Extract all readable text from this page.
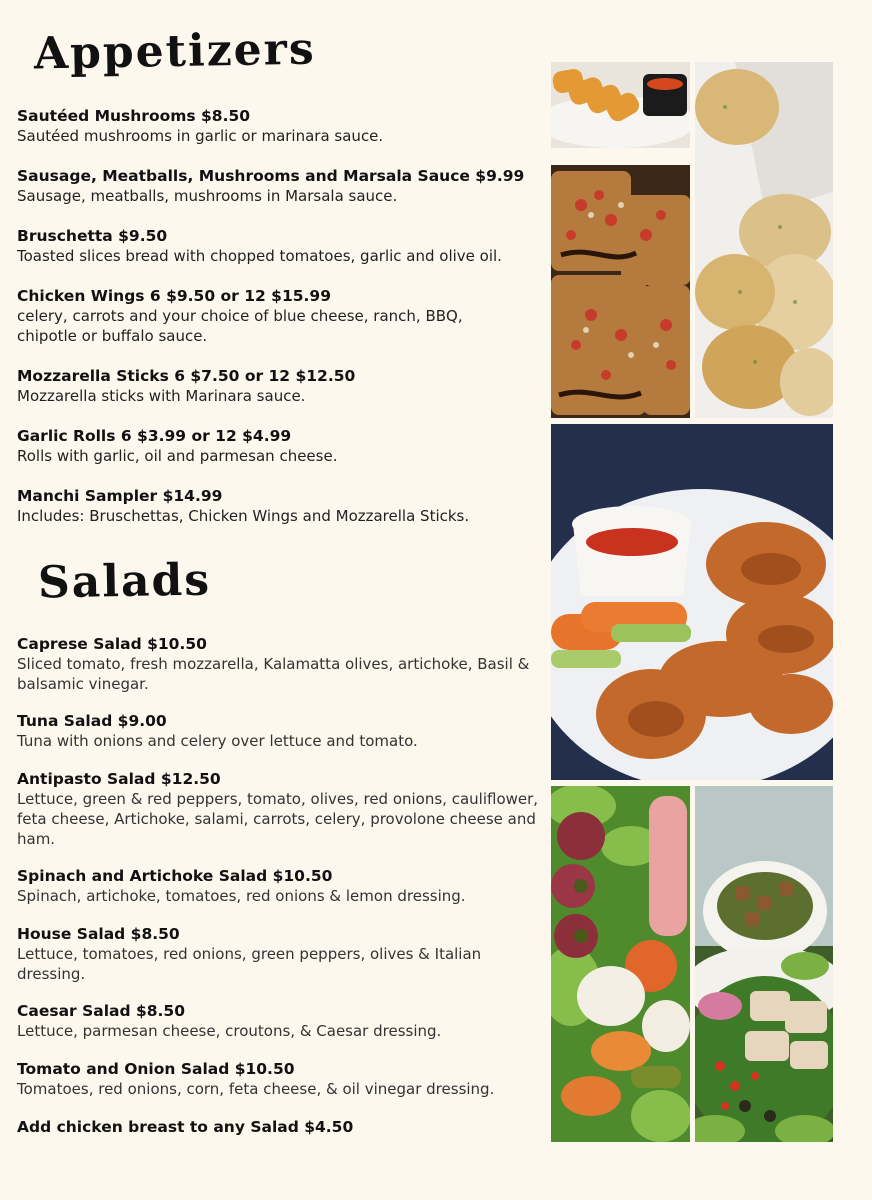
Appetizers
Sautéed Mushrooms $8.50
Sautéed mushrooms in garlic or marinara sauce.
Sausage, Meatballs, Mushrooms and Marsala Sauce $9.99
Sausage, meatballs, mushrooms in Marsala sauce.
Bruschetta $9.50
Toasted slices bread with chopped tomatoes, garlic and olive oil.
Chicken Wings 6 $9.50 or 12 $15.99
celery, carrots and your choice of blue cheese, ranch, BBQ, chipotle or buffalo sauce.
Mozzarella Sticks 6 $7.50 or 12 $12.50
Mozzarella sticks with Marinara sauce.
Garlic Rolls 6 $3.99 or 12 $4.99
Rolls with garlic, oil and parmesan cheese.
Manchi Sampler $14.99
Includes: Bruschettas, Chicken Wings and Mozzarella Sticks.
Salads
Caprese Salad $10.50
Sliced tomato, fresh mozzarella, Kalamatta olives, artichoke, Basil & balsamic vinegar.
Tuna Salad $9.00
Tuna with onions and celery over lettuce and tomato.
Antipasto Salad $12.50
Lettuce, green & red peppers, tomato, olives, red onions, cauliflower, feta cheese, Artichoke, salami, carrots, celery, provolone cheese and ham.
Spinach and Artichoke Salad $10.50
Spinach, artichoke, tomatoes, red onions & lemon dressing.
House Salad $8.50
Lettuce, tomatoes, red onions, green peppers, olives & Italian dressing.
Caesar Salad $8.50
Lettuce, parmesan cheese, croutons, & Caesar dressing.
Tomato and Onion Salad $10.50
Tomatoes, red onions, corn, feta cheese, & oil vinegar dressing.
Add chicken breast to any Salad $4.50
